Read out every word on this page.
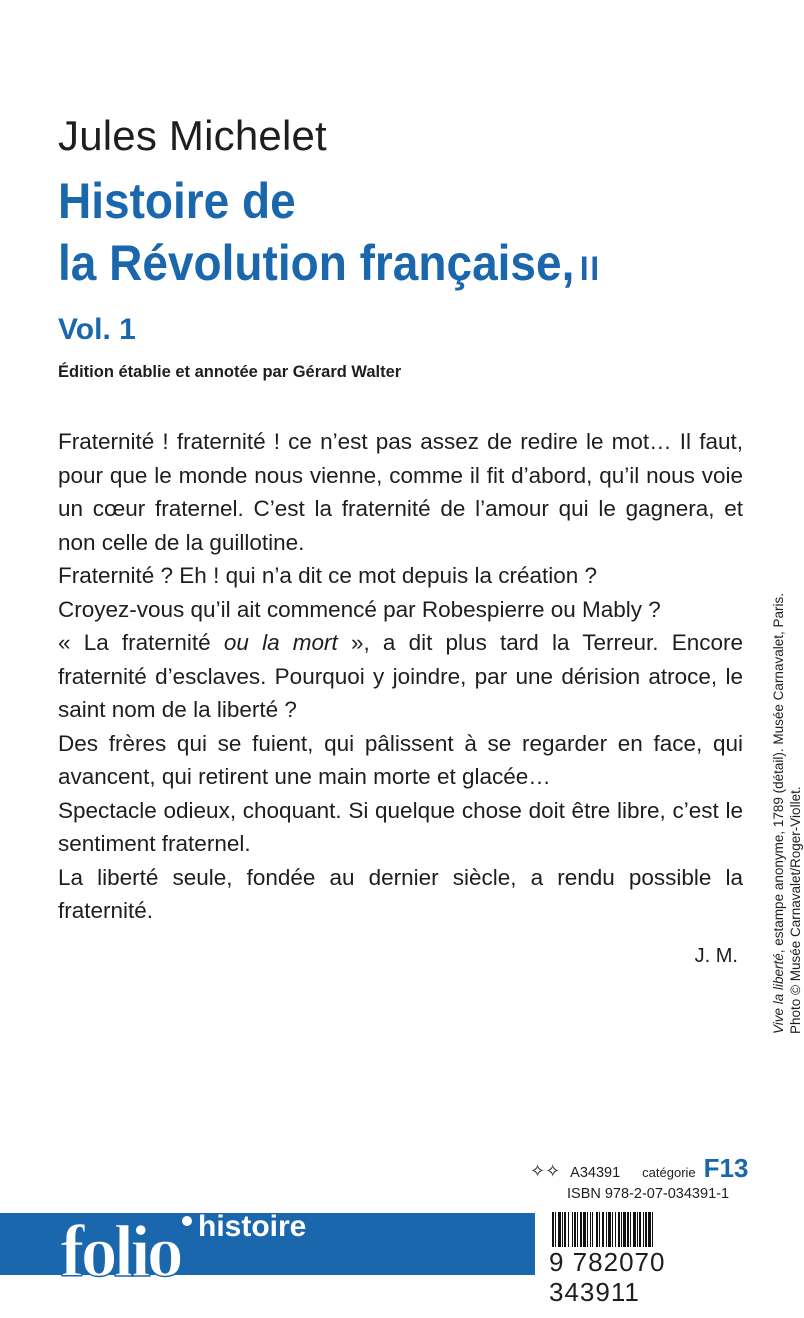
Jules Michelet
Histoire de
la Révolution française, II
Vol. 1
Édition établie et annotée par Gérard Walter

Fraternité ! fraternité ! ce n’est pas assez de redire le mot… Il faut, pour que le monde nous vienne, comme il fit d’abord, qu’il nous voie un cœur fraternel. C’est la fraternité de l’amour qui le gagnera, et non celle de la guillotine.

Fraternité ? Eh ! qui n’a dit ce mot depuis la création ?

Croyez-vous qu’il ait commencé par Robespierre ou Mably ?

« La fraternité ou la mort », a dit plus tard la Terreur. Encore fraternité d’esclaves. Pourquoi y joindre, par une dérision atroce, le saint nom de la liberté ?

Des frères qui se fuient, qui pâlissent à se regarder en face, qui avancent, qui retirent une main morte et glacée…

Spectacle odieux, choquant. Si quelque chose doit être libre, c’est le sentiment fraternel.

La liberté seule, fondée au dernier siècle, a rendu possible la fraternité.

J. M. Vive la liberté, estampe anonyme, 1789 (détail). Musée Carnavalet, Paris. Photo © Musée Carnavalet/Roger-Viollet.
✧✧ A34391 catégorie F13
ISBN 978-2-07-034391-1
folio histoire
9 782070 343911
